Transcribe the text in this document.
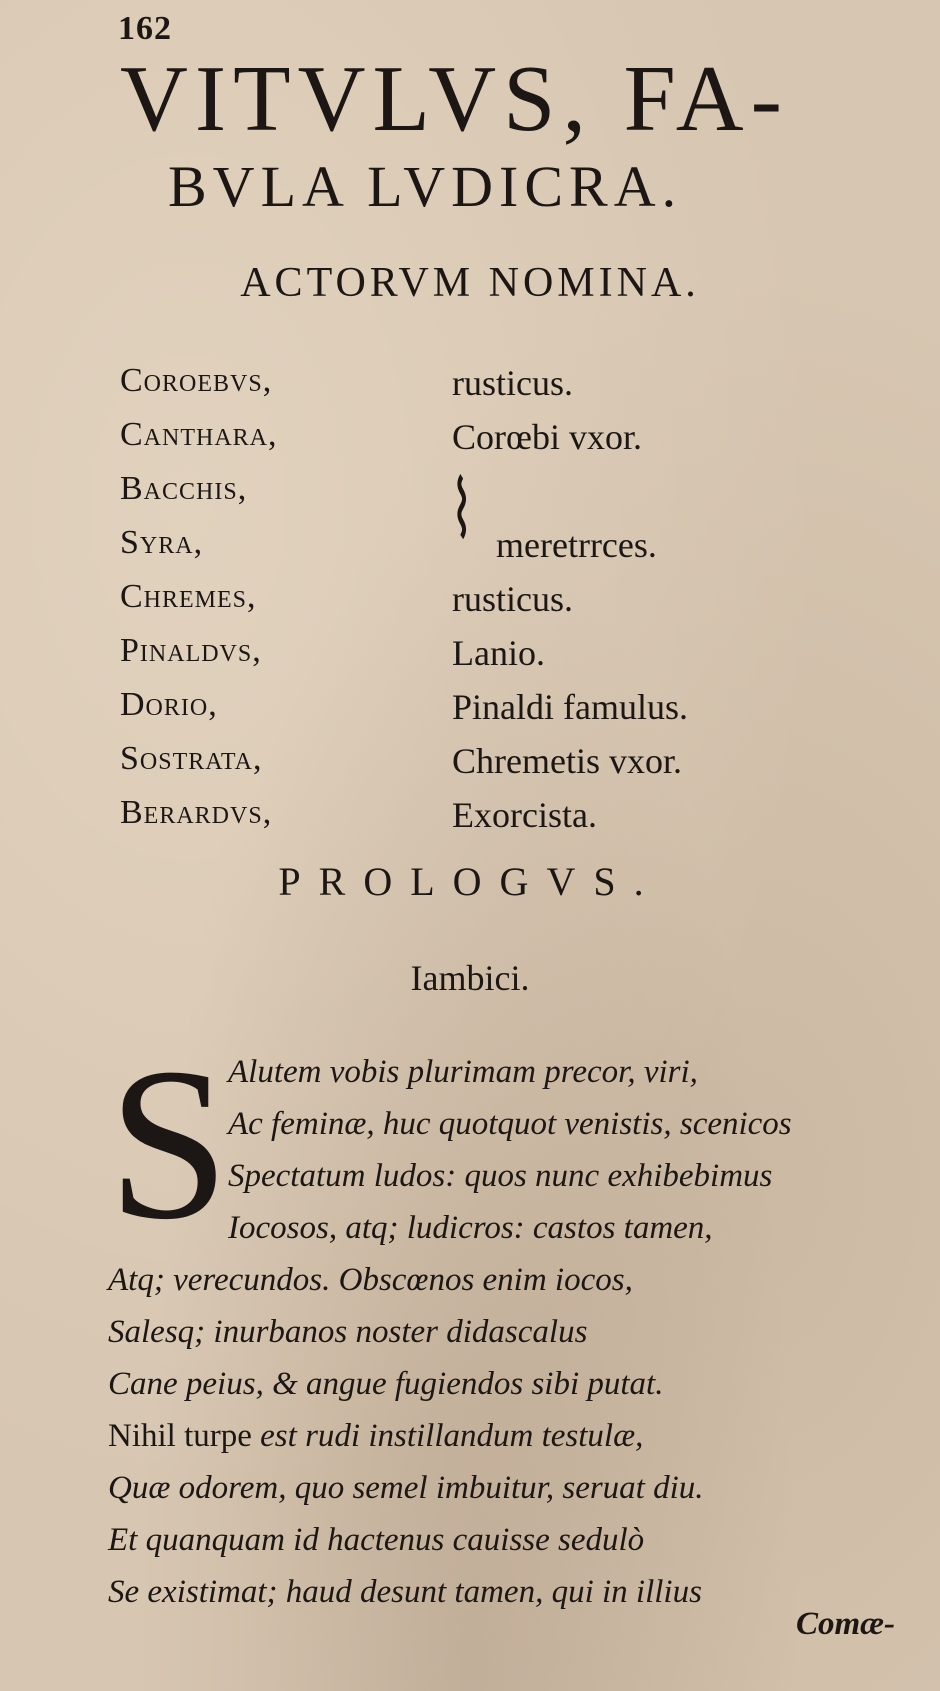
162
VITVLVS, FA-
BVLA LVDICRA.
ACTORVM NOMINA.
Coroebvs,	rusticus.
Canthara,	Corœbi vxor.
Bacchis,	⌇
Syra,	meretrrces.
Chremes,	rusticus.
Pinaldvs,	Lanio.
Dorio,	Pinaldi famulus.
Sostrata,	Chremetis vxor.
Berardvs,	Exorcista.
PROLOGVS.
Iambici.
S
Alutem vobis plurimam precor, viri,
Ac feminæ, huc quotquot venistis, scenicos
Spectatum ludos: quos nunc exhibebimus
Iocosos, atq; ludicros: castos tamen,
Atq; verecundos. Obscœnos enim iocos,
Salesq; inurbanos noster didascalus
Cane peius, & angue fugiendos sibi putat.
Nihil turpe est rudi instillandum testulæ,
Quæ odorem, quo semel imbuitur, seruat diu.
Et quanquam id hactenus cauisse sedulò
Se existimat; haud desunt tamen, qui in illius
Comæ-
